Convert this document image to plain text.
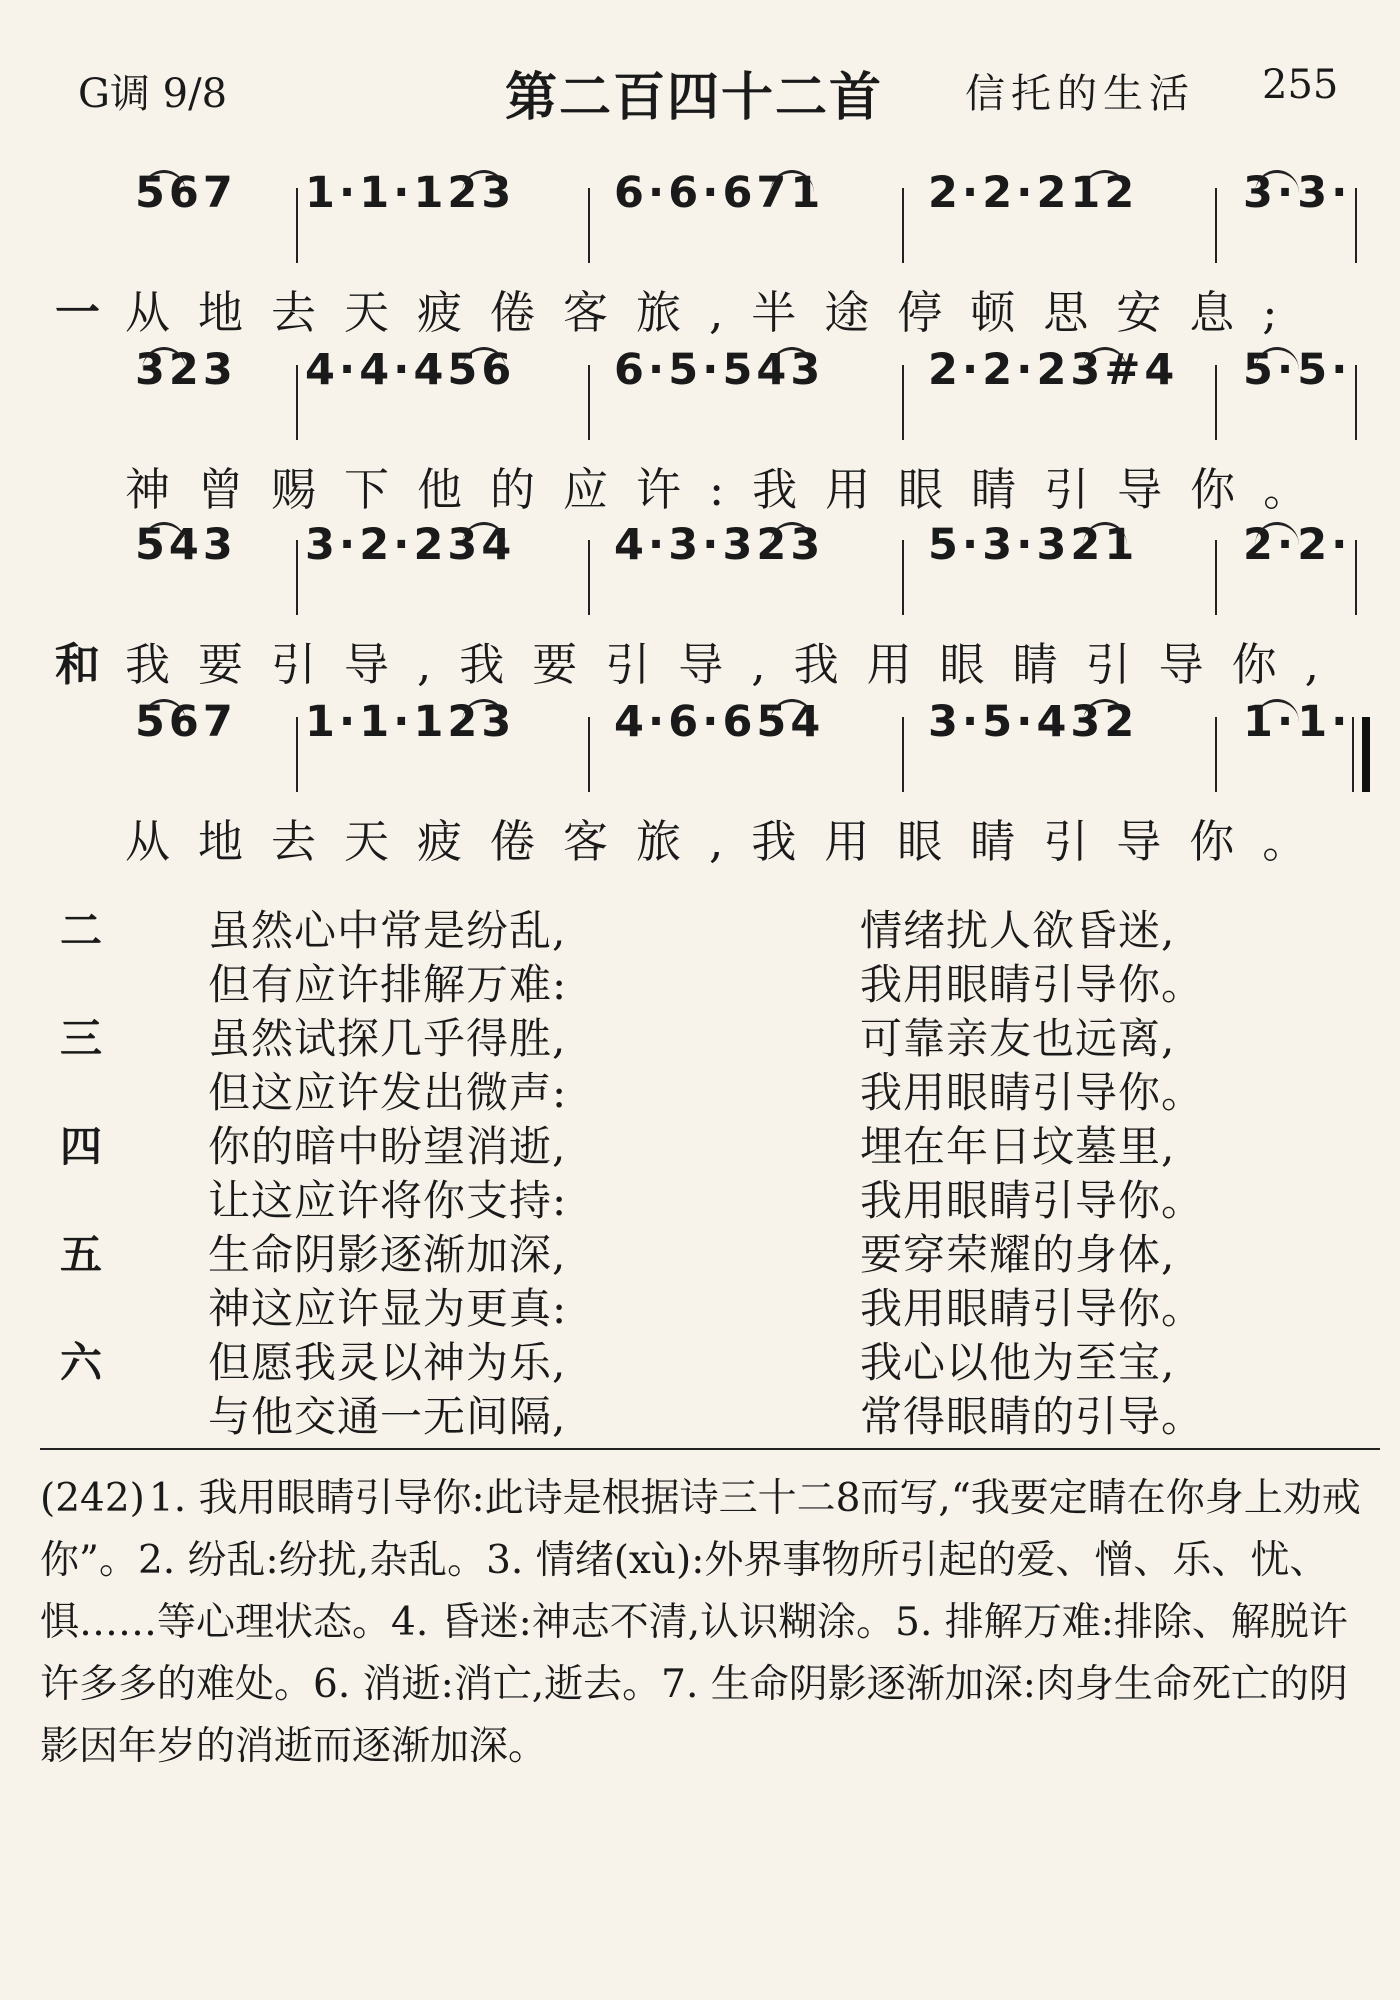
G调 9/8	第二百四十二首 信托的生活 255
567 1·1·123 6·6·671 2·2·212 3·3·
一 从地去天疲倦客旅,半途停顿思安息;
323 4·4·456 6·5·543 2·2·23#4 5·5·
神曾赐下他的应许:我用眼睛引导你。
543 3·2·234 4·3·323 5·3·321 2·2·
和 我要引导,我要引导,我用眼睛引导你,
567 1·1·123 4·6·654 3·5·432 1·1·
从地去天疲倦客旅,我用眼睛引导你。
二	虽然心中常是纷乱,	情绪扰人欲昏迷,
但有应许排解万难:	我用眼睛引导你。
三	虽然试探几乎得胜,	可靠亲友也远离,
但这应许发出微声:	我用眼睛引导你。
四	你的暗中盼望消逝,	埋在年日坟墓里,
让这应许将你支持:	我用眼睛引导你。
五	生命阴影逐渐加深,	要穿荣耀的身体,
神这应许显为更真:	我用眼睛引导你。
六	但愿我灵以神为乐,	我心以他为至宝,
与他交通一无间隔,	常得眼睛的引导。
(242) 1. 我用眼睛引导你:此诗是根据诗三十二8而写,“我要定睛在你身上劝戒你”。2. 纷乱:纷扰,杂乱。3. 情绪(xù):外界事物所引起的爱、憎、乐、忧、惧……等心理状态。4. 昏迷:神志不清,认识糊涂。5. 排解万难:排除、解脱许许多多的难处。6. 消逝:消亡,逝去。7. 生命阴影逐渐加深:肉身生命死亡的阴影因年岁的消逝而逐渐加深。
